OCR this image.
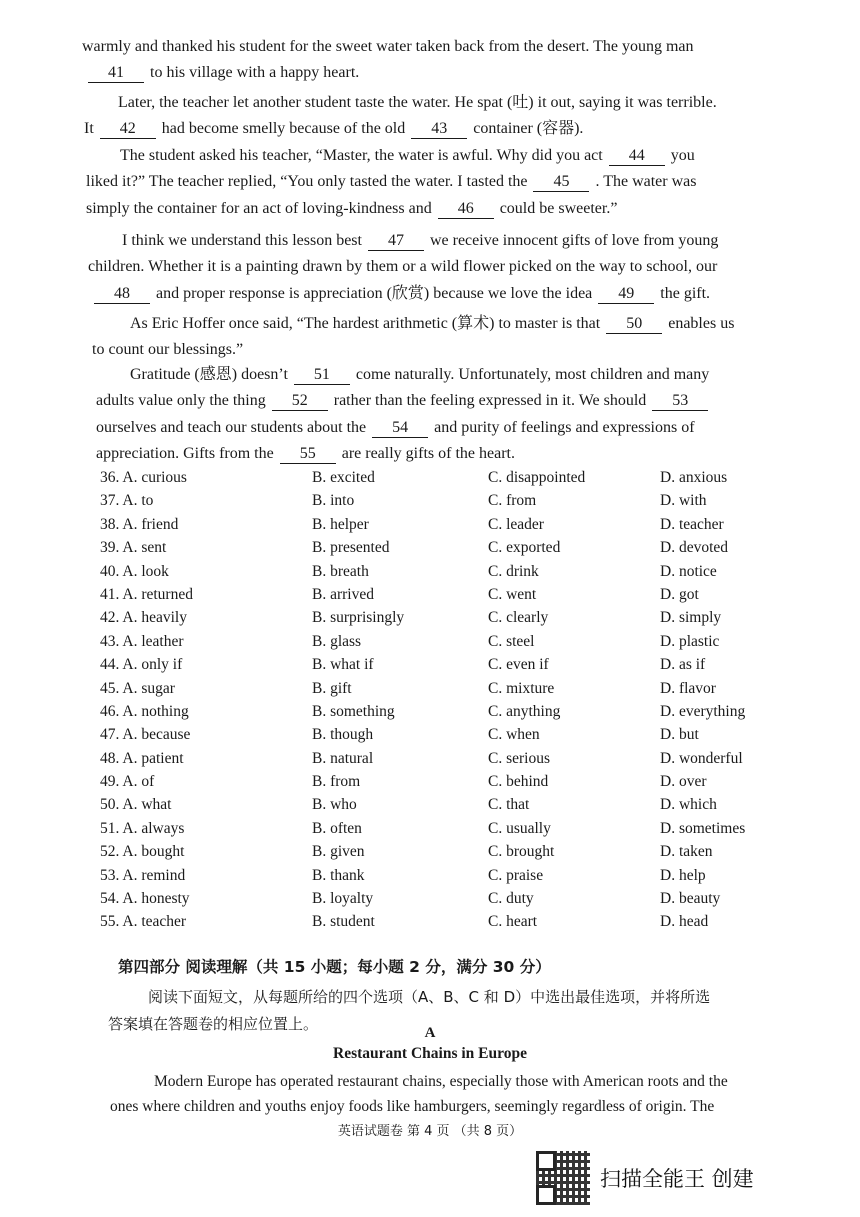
warmly and thanked his student for the sweet water taken back from the desert. The young man
41 to his village with a happy heart.
Later, the teacher let another student taste the water. He spat (吐) it out, saying it was terrible.
It 42 had become smelly because of the old 43 container (容器).
The student asked his teacher, “Master, the water is awful. Why did you act 44 you
liked it?” The teacher replied, “You only tasted the water. I tasted the 45 . The water was
simply the container for an act of loving-kindness and 46 could be sweeter.”
I think we understand this lesson best 47 we receive innocent gifts of love from young
children. Whether it is a painting drawn by them or a wild flower picked on the way to school, our
48 and proper response is appreciation (欣赏) because we love the idea 49 the gift.
As Eric Hoffer once said, “The hardest arithmetic (算术) to master is that 50 enables us
to count our blessings.”
Gratitude (感恩) doesn’t 51 come naturally. Unfortunately, most children and many
adults value only the thing 52 rather than the feeling expressed in it. We should 53
ourselves and teach our students about the 54 and purity of feelings and expressions of
appreciation. Gifts from the 55 are really gifts of the heart.
36. A. curious	B. excited	C. disappointed	D. anxious
37. A. to	B. into	C. from	D. with
38. A. friend	B. helper	C. leader	D. teacher
39. A. sent	B. presented	C. exported	D. devoted
40. A. look	B. breath	C. drink	D. notice
41. A. returned	B. arrived	C. went	D. got
42. A. heavily	B. surprisingly	C. clearly	D. simply
43. A. leather	B. glass	C. steel	D. plastic
44. A. only if	B. what if	C. even if	D. as if
45. A. sugar	B. gift	C. mixture	D. flavor
46. A. nothing	B. something	C. anything	D. everything
47. A. because	B. though	C. when	D. but
48. A. patient	B. natural	C. serious	D. wonderful
49. A. of	B. from	C. behind	D. over
50. A. what	B. who	C. that	D. which
51. A. always	B. often	C. usually	D. sometimes
52. A. bought	B. given	C. brought	D. taken
53. A. remind	B. thank	C. praise	D. help
54. A. honesty	B. loyalty	C. duty	D. beauty
55. A. teacher	B. student	C. heart	D. head
第四部分 阅读理解（共 15 小题；每小题 2 分，满分 30 分）
阅读下面短文，从每题所给的四个选项（A、B、C 和 D）中选出最佳选项，并将所选
答案填在答题卷的相应位置上。	A
Restaurant Chains in Europe
Modern Europe has operated restaurant chains, especially those with American roots and the
ones where children and youths enjoy foods like hamburgers, seemingly regardless of origin. The
英语试题卷 第 4 页 （共 8 页）
扫描全能王 创建
